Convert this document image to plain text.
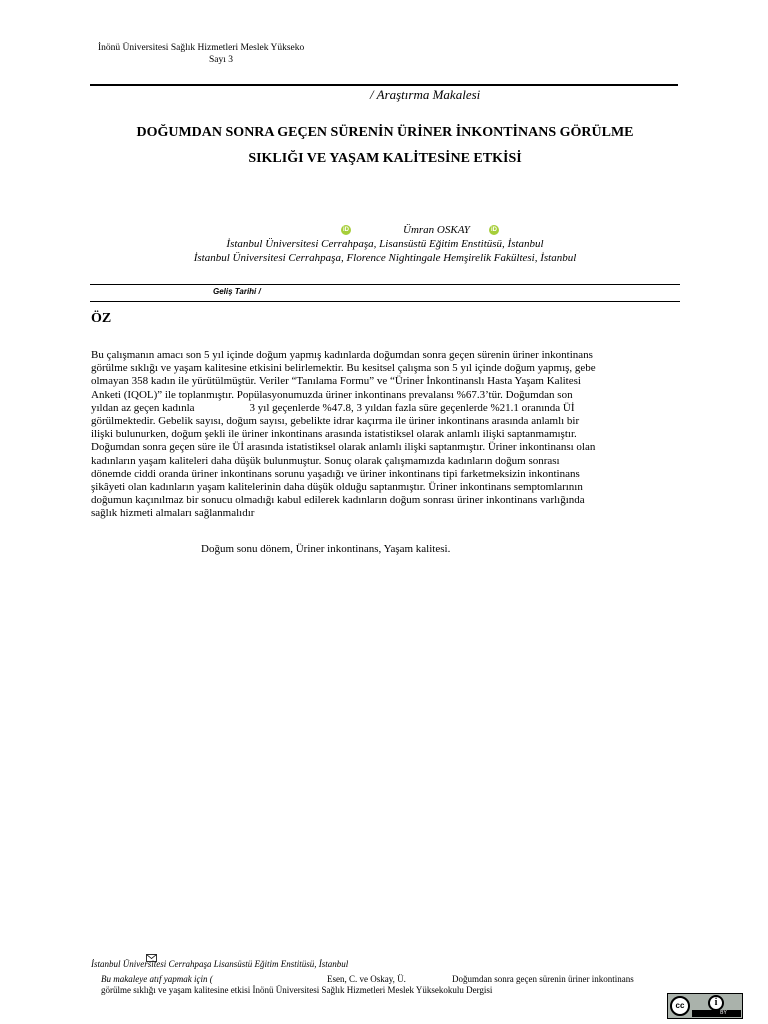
İnönü Üniversitesi Sağlık Hizmetleri Meslek Yükseko
Sayı 3
/ Araştırma Makalesi
DOĞUMDAN SONRA GEÇEN SÜRENİN ÜRİNER İNKONTİNANS GÖRÜLME
SIKLIĞI VE YAŞAM KALİTESİNE ETKİSİ
iD	Ümran OSKAY	iD
İstanbul Üniversitesi Cerrahpaşa, Lisansüstü Eğitim Enstitüsü, İstanbul
İstanbul Üniversitesi Cerrahpaşa, Florence Nightingale Hemşirelik Fakültesi, İstanbul
Geliş Tarihi /
ÖZ
Bu çalışmanın amacı son 5 yıl içinde doğum yapmış kadınlarda doğumdan sonra geçen sürenin üriner inkontinans
görülme sıklığı ve yaşam kalitesine etkisini belirlemektir. Bu kesitsel çalışma son 5 yıl içinde doğum yapmış, gebe
olmayan 358 kadın ile yürütülmüştür. Veriler “Tanılama Formu” ve “Üriner İnkontinanslı Hasta Yaşam Kalitesi
Anketi (IQOL)” ile toplanmıştır. Popülasyonumuzda üriner inkontinans prevalansı %67.3’tür. Doğumdan son
yıldan az geçen kadınla                    3 yıl geçenlerde %47.8, 3 yıldan fazla süre geçenlerde %21.1 oranında Üİ
görülmektedir. Gebelik sayısı, doğum sayısı, gebelikte idrar kaçırma ile üriner inkontinans arasında anlamlı bir
ilişki bulunurken, doğum şekli ile üriner inkontinans arasında istatistiksel olarak anlamlı ilişki saptanmamıştır.
Doğumdan sonra geçen süre ile Üİ arasında istatistiksel olarak anlamlı ilişki saptanmıştır. Üriner inkontinansı olan
kadınların yaşam kaliteleri daha düşük bulunmuştur. Sonuç olarak çalışmamızda kadınların doğum sonrası
dönemde ciddi oranda üriner inkontinans sorunu yaşadığı ve üriner inkontinans tipi farketmeksizin inkontinans
şikâyeti olan kadınların yaşam kalitelerinin daha düşük olduğu saptanmıştır. Üriner inkontinans semptomlarının
doğumun kaçınılmaz bir sonucu olmadığı kabul edilerek kadınların doğum sonrası üriner inkontinans varlığında
sağlık hizmeti almaları sağlanmalıdır
Doğum sonu dönem, Üriner inkontinans, Yaşam kalitesi.
İstanbul Üniversitesi Cerrahpaşa Lisansüstü Eğitim Enstitüsü, İstanbul
Bu makaleye atıf yapmak için (	Esen, C. ve Oskay, Ü.	Doğumdan sonra geçen sürenin üriner inkontinans
görülme sıklığı ve yaşam kalitesine etkisi İnönü Üniversitesi Sağlık Hizmetleri Meslek Yüksekokulu Dergisi
cc	i
BY
